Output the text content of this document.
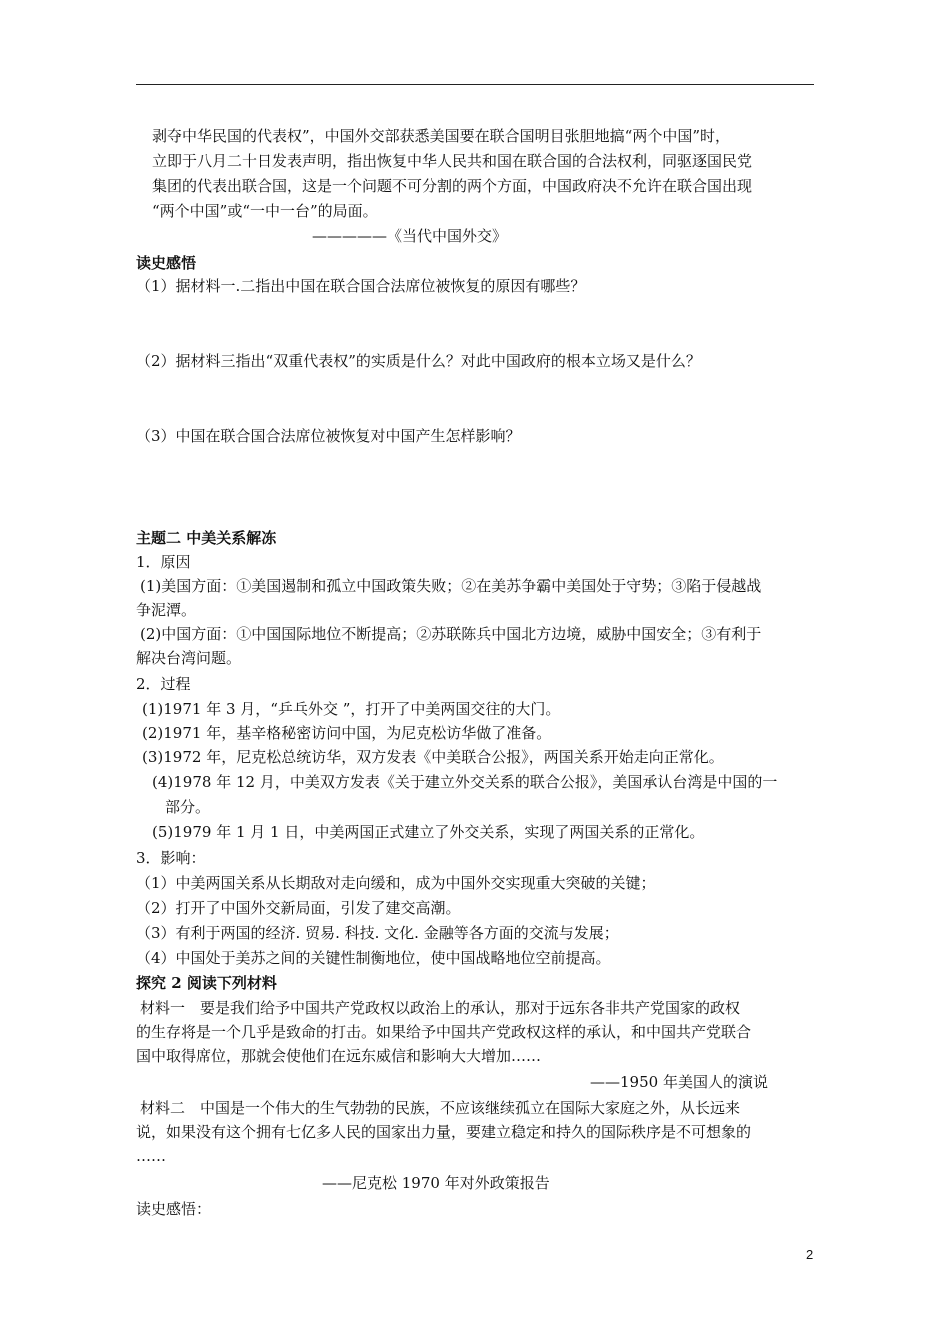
剥夺中华民国的代表权”，中国外交部获悉美国要在联合国明目张胆地搞“两个中国”时，
立即于八月二十日发表声明，指出恢复中华人民共和国在联合国的合法权利，同驱逐国民党
集团的代表出联合国，这是一个问题不可分割的两个方面，中国政府决不允许在联合国出现
“两个中国”或“一中一台”的局面。
—————《当代中国外交》
读史感悟
（1）据材料一.二指出中国在联合国合法席位被恢复的原因有哪些？
（2）据材料三指出“双重代表权”的实质是什么？对此中国政府的根本立场又是什么？
（3）中国在联合国合法席位被恢复对中国产生怎样影响？
主题二 中美关系解冻
1．原因
(1)美国方面：①美国遏制和孤立中国政策失败；②在美苏争霸中美国处于守势；③陷于侵越战
争泥潭。
(2)中国方面：①中国国际地位不断提高；②苏联陈兵中国北方边境，威胁中国安全；③有利于
解决台湾问题。
2．过程
(1)1971 年 3 月，“乒乓外交 ”，打开了中美两国交往的大门。
(2)1971 年，基辛格秘密访问中国，为尼克松访华做了准备。
(3)1972 年，尼克松总统访华，双方发表《中美联合公报》，两国关系开始走向正常化。
(4)1978 年 12 月，中美双方发表《关于建立外交关系的联合公报》，美国承认台湾是中国的一
部分。
(5)1979 年 1 月 1 日，中美两国正式建立了外交关系，实现了两国关系的正常化。
3．影响：
（1）中美两国关系从长期敌对走向缓和，成为中国外交实现重大突破的关键；
（2）打开了中国外交新局面，引发了建交高潮。
（3）有利于两国的经济. 贸易. 科技. 文化. 金融等各方面的交流与发展；
（4）中国处于美苏之间的关键性制衡地位，使中国战略地位空前提高。
探究 2 阅读下列材料
材料一　要是我们给予中国共产党政权以政治上的承认，那对于远东各非共产党国家的政权
的生存将是一个几乎是致命的打击。如果给予中国共产党政权这样的承认，和中国共产党联合
国中取得席位，那就会使他们在远东威信和影响大大增加……
——1950 年美国人的演说
材料二　中国是一个伟大的生气勃勃的民族，不应该继续孤立在国际大家庭之外，从长远来
说，如果没有这个拥有七亿多人民的国家出力量，要建立稳定和持久的国际秩序是不可想象的
……
——尼克松 1970 年对外政策报告
读史感悟：
2
